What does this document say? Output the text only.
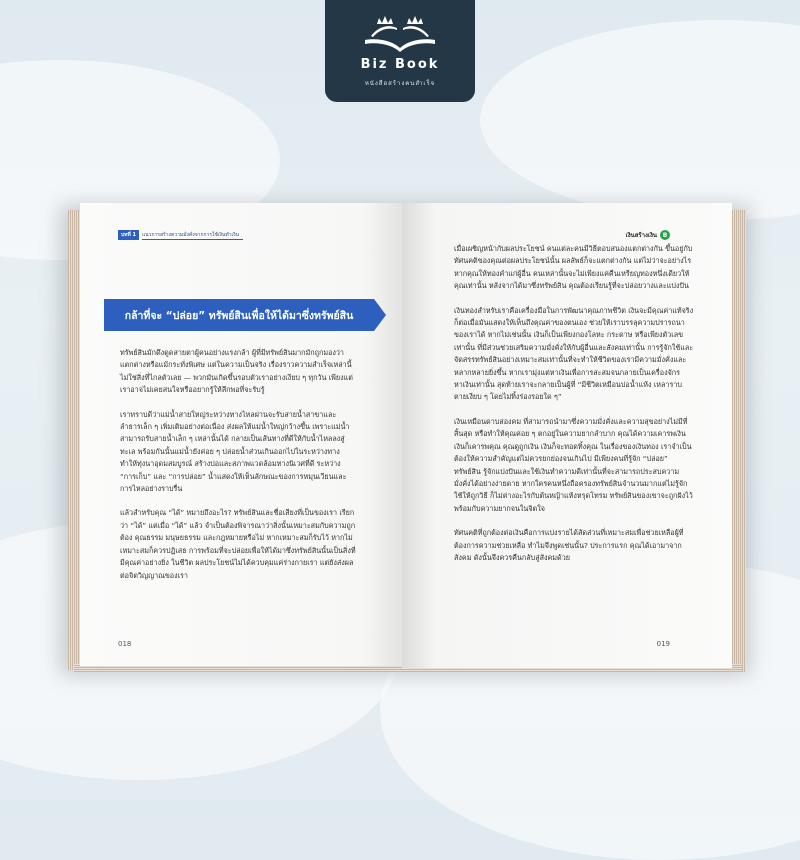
Biz Book
หนังสือสร้างคนสำเร็จ
บทที่ 1	แนวการสร้างความมั่งคั่งจากการใช้เงินทำเงิน
กล้าที่จะ “ปล่อย” ทรัพย์สินเพื่อให้ได้มาซึ่งทรัพย์สิน

ทรัพย์สินมักดึงดูดสายตาผู้คนอย่างแรงกล้า ผู้ที่มีทรัพย์สินมากมักถูกมองว่าแตกต่างหรือแม้กระทั่งพิเศษ แต่ในความเป็นจริง เรื่องราวความสำเร็จเหล่านี้ไม่ใช่สิ่งที่ไกลตัวเลย — พวกมันเกิดขึ้นรอบตัวเราอย่างเงียบ ๆ ทุกวัน เพียงแต่เราอาจไม่เคยสนใจหรืออยากรู้ให้ลึกพอที่จะรับรู้

เราทราบดีว่าแม่น้ำสายใหญ่ระหว่างทางไหลผ่านจะรับสายน้ำสาขาและลำธารเล็ก ๆ เพิ่มเติมอย่างต่อเนื่อง ส่งผลให้แม่น้ำใหญ่กว้างขึ้น เพราะแม่น้ำสามารถรับสายน้ำเล็ก ๆ เหล่านั้นได้ กลายเป็นเส้นทางที่ดีให้กับน้ำไหลลงสู่ทะเล พร้อมกันนั้นแม่น้ำยังค่อย ๆ ปล่อยน้ำส่วนเกินออกไปในระหว่างทาง ทำให้ทุ่งนาอุดมสมบูรณ์ สร้างบ่อและสภาพแวดล้อมทางนิเวศที่ดี ระหว่าง “การเก็บ” และ “การปล่อย” น้ำแสดงให้เห็นลักษณะของการหมุนเวียนและการไหลอย่างราบรื่น

แล้วสำหรับคุณ “ได้” หมายถึงอะไร? ทรัพย์สินและชื่อเสียงที่เป็นของเรา เรียกว่า “ได้” แต่เมื่อ “ได้” แล้ว จำเป็นต้องพิจารณาว่าสิ่งนั้นเหมาะสมกับความถูกต้อง คุณธรรม มนุษยธรรม และกฎหมายหรือไม่ หากเหมาะสมก็รับไว้ หากไม่เหมาะสมก็ควรปฏิเสธ การพร้อมที่จะปล่อยเพื่อให้ได้มาซึ่งทรัพย์สินนั้นเป็นสิ่งที่มีคุณค่าอย่างยิ่ง ในชีวิต ผลประโยชน์ไม่ได้ควบคุมแค่ร่างกายเรา แต่ยังส่งผลต่อจิตวิญญาณของเรา

018
เงินสร้างเงิน B

เมื่อเผชิญหน้ากับผลประโยชน์ คนแต่ละคนมีวิธีตอบสนองแตกต่างกัน ขึ้นอยู่กับทัศนคติของคุณต่อผลประโยชน์นั้น ผลลัพธ์ก็จะแตกต่างกัน แต่ไม่ว่าจะอย่างไร หากคุณให้ทองคำแก่ผู้อื่น คนเหล่านั้นจะไม่เพียงแค่คืนเหรียญทองหนึ่งเดียวให้คุณเท่านั้น หลังจากได้มาซึ่งทรัพย์สิน คุณต้องเรียนรู้ที่จะปล่อยวางและแบ่งปัน

เงินทองสำหรับเราคือเครื่องมือในการพัฒนาคุณภาพชีวิต เงินจะมีคุณค่าแท้จริงก็ต่อเมื่อมันแสดงให้เห็นถึงคุณค่าของตนเอง ช่วยให้เราบรรลุความปรารถนาของเราได้ หากไม่เช่นนั้น เงินก็เป็นเพียงกองโลหะ กระดาษ หรือเพียงตัวเลขเท่านั้น ที่มีส่วนช่วยเสริมความมั่งคั่งให้กับผู้อื่นและสังคมเท่านั้น การรู้จักใช้และจัดสรรทรัพย์สินอย่างเหมาะสมเท่านั้นที่จะทำให้ชีวิตของเรามีความมั่งคั่งและหลากหลายยิ่งขึ้น หากเรามุ่งแต่หาเงินเพื่อการสะสมจนกลายเป็นเครื่องจักรหาเงินเท่านั้น สุดท้ายเราจะกลายเป็นผู้ที่ “มีชีวิตเหมือนบ่อน้ำแห้ง เหลาราบตายเงียบ ๆ โดยไม่ทิ้งร่องรอยใด ๆ”

เงินเหมือนดาบสองคม ที่สามารถนำมาซึ่งความมั่งคั่งและความสุขอย่างไม่มีที่สิ้นสุด หรือทำให้คุณค่อย ๆ ตกอยู่ในความยากลำบาก คุณได้ความเคารพเงิน เงินก็เคารพคุณ คุณดูถูกเงิน เงินก็จะทอดทิ้งคุณ ในเรื่องของเงินทอง เราจำเป็นต้องให้ความสำคัญแต่ไม่ควรยกย่องจนเกินไป มีเพียงคนที่รู้จัก “ปล่อย” ทรัพย์สิน รู้จักแบ่งปันและใช้เงินทำความดีเท่านั้นที่จะสามารถประสบความมั่งคั่งได้อย่างง่ายดาย หากใครคนหนึ่งถือครองทรัพย์สินจำนวนมากแต่ไม่รู้จักใช้ให้ถูกวิธี ก็ไม่ต่างอะไรกับต้นหญ้าแห้งหรุดโทรม ทรัพย์สินของเขาจะถูกฝังไว้พร้อมกับความยากจนในจิตใจ

ทัศนคติที่ถูกต้องต่อเงินคือการแบ่งรายได้สัดส่วนที่เหมาะสมเพื่อช่วยเหลือผู้ที่ต้องการความช่วยเหลือ ทำไมจึงพูดเช่นนั้น? ประการแรก คุณได้เอามาจากสังคม ดังนั้นจึงควรคืนกลับสู่สังคมด้วย

019
